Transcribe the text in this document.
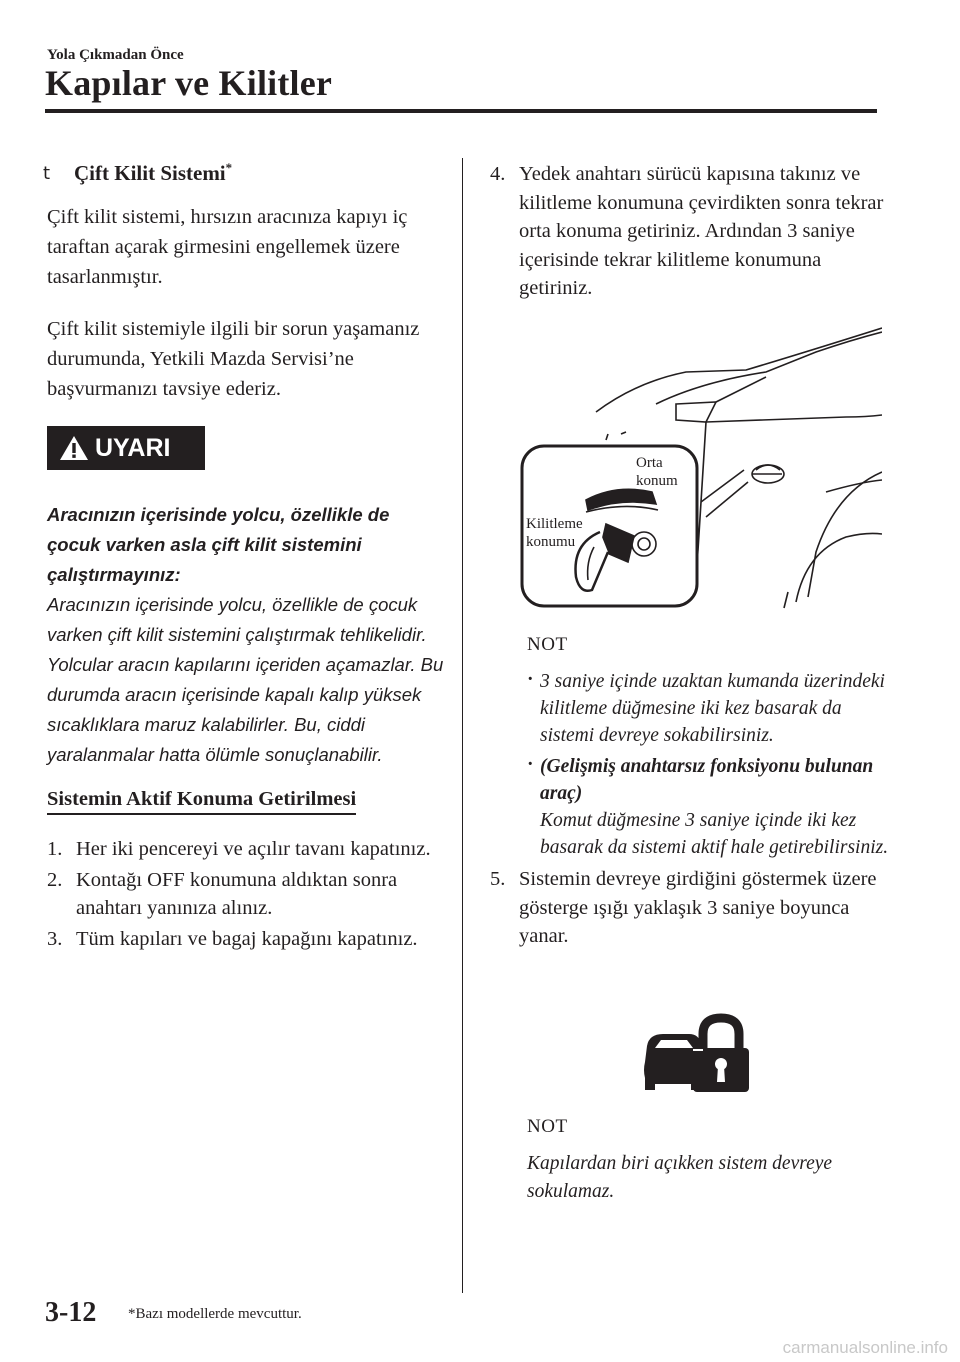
Yola Çıkmadan Önce
Kapılar ve Kilitler
t Çift Kilit Sistemi*

Çift kilit sistemi, hırsızın aracınıza kapıyı iç taraftan açarak girmesini engellemek üzere tasarlanmıştır.

Çift kilit sistemiyle ilgili bir sorun yaşamanız durumunda, Yetkili Mazda Servisi’ne başvurmanızı tavsiye ederiz.

UYARI

Aracınızın içerisinde yolcu, özellikle de çocuk varken asla çift kilit sistemini çalıştırmayınız:

Aracınızın içerisinde yolcu, özellikle de çocuk varken çift kilit sistemini çalıştırmak tehlikelidir. Yolcular aracın kapılarını içeriden açamazlar. Bu durumda aracın içerisinde kapalı kalıp yüksek sıcaklıklara maruz kalabilirler. Bu, ciddi yaralanmalar hatta ölümle sonuçlanabilir.

Sistemin Aktif Konuma Getirilmesi
1. Her iki pencereyi ve açılır tavanı kapatınız.
2. Kontağı OFF konumuna aldıktan sonra anahtarı yanınıza alınız.
3. Tüm kapıları ve bagaj kapağını kapatınız.
4. Yedek anahtarı sürücü kapısına takınız ve kilitleme konumuna çevirdikten sonra tekrar orta konuma getiriniz. Ardından 3 saniye içerisinde tekrar kilitleme konumuna getiriniz.
Orta
konum
Kilitleme
konumu
NOT
· 3 saniye içinde uzaktan kumanda üzerindeki kilitleme düğmesine iki kez basarak da sistemi devreye sokabilirsiniz.
· (Gelişmiş anahtarsız fonksiyonu bulunan araç)
Komut düğmesine 3 saniye içinde iki kez basarak da sistemi aktif hale getirebilirsiniz.
5. Sistemin devreye girdiğini göstermek üzere gösterge ışığı yaklaşık 3 saniye boyunca yanar.
NOT

Kapılardan biri açıkken sistem devreye sokulamaz.

3-12 *Bazı modellerde mevcuttur.
carmanualsonline.info
